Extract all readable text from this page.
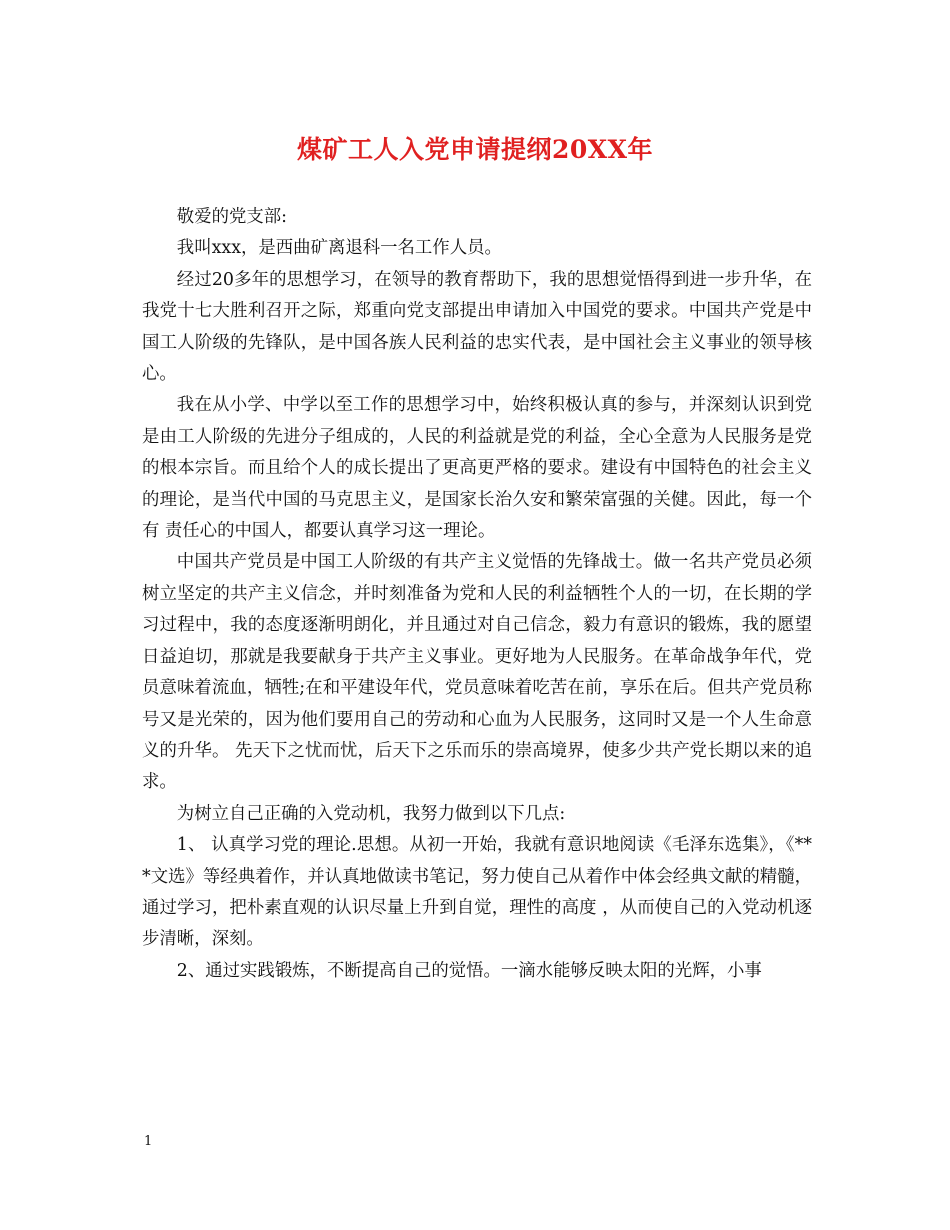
煤矿工人入党申请提纲20XX年

敬爱的党支部:

我叫xxx，是西曲矿离退科一名工作人员。

经过20多年的思想学习，在领导的教育帮助下，我的思想觉悟得到进一步升华，在我党十七大胜利召开之际，郑重向党支部提出申请加入中国党的要求。中国共产党是中国工人阶级的先锋队，是中国各族人民利益的忠实代表，是中国社会主义事业的领导核心。

我在从小学、中学以至工作的思想学习中，始终积极认真的参与，并深刻认识到党是由工人阶级的先进分子组成的，人民的利益就是党的利益，全心全意为人民服务是党的根本宗旨。而且给个人的成长提出了更高更严格的要求。建设有中国特色的社会主义的理论，是当代中国的马克思主义，是国家长治久安和繁荣富强的关健。因此，每一个有 责任心的中国人，都要认真学习这一理论。

中国共产党员是中国工人阶级的有共产主义觉悟的先锋战士。做一名共产党员必须树立坚定的共产主义信念，并时刻准备为党和人民的利益牺牲个人的一切，在长期的学习过程中，我的态度逐渐明朗化，并且通过对自己信念，毅力有意识的锻炼，我的愿望日益迫切，那就是我要献身于共产主义事业。更好地为人民服务。在革命战争年代，党员意味着流血，牺牲;在和平建设年代，党员意味着吃苦在前，享乐在后。但共产党员称号又是光荣的，因为他们要用自己的劳动和心血为人民服务，这同时又是一个人生命意义的升华。 先天下之忧而忧，后天下之乐而乐的崇高境界，使多少共产党长期以来的追求。

为树立自己正确的入党动机，我努力做到以下几点:

1、 认真学习党的理论.思想。从初一开始，我就有意识地阅读《毛泽东选集》，《***文选》等经典着作，并认真地做读书笔记，努力使自己从着作中体会经典文献的精髓，通过学习，把朴素直观的认识尽量上升到自觉，理性的高度 ，从而使自己的入党动机逐步清晰，深刻。

2、通过实践锻炼，不断提高自己的觉悟。一滴水能够反映太阳的光辉，小事

1
